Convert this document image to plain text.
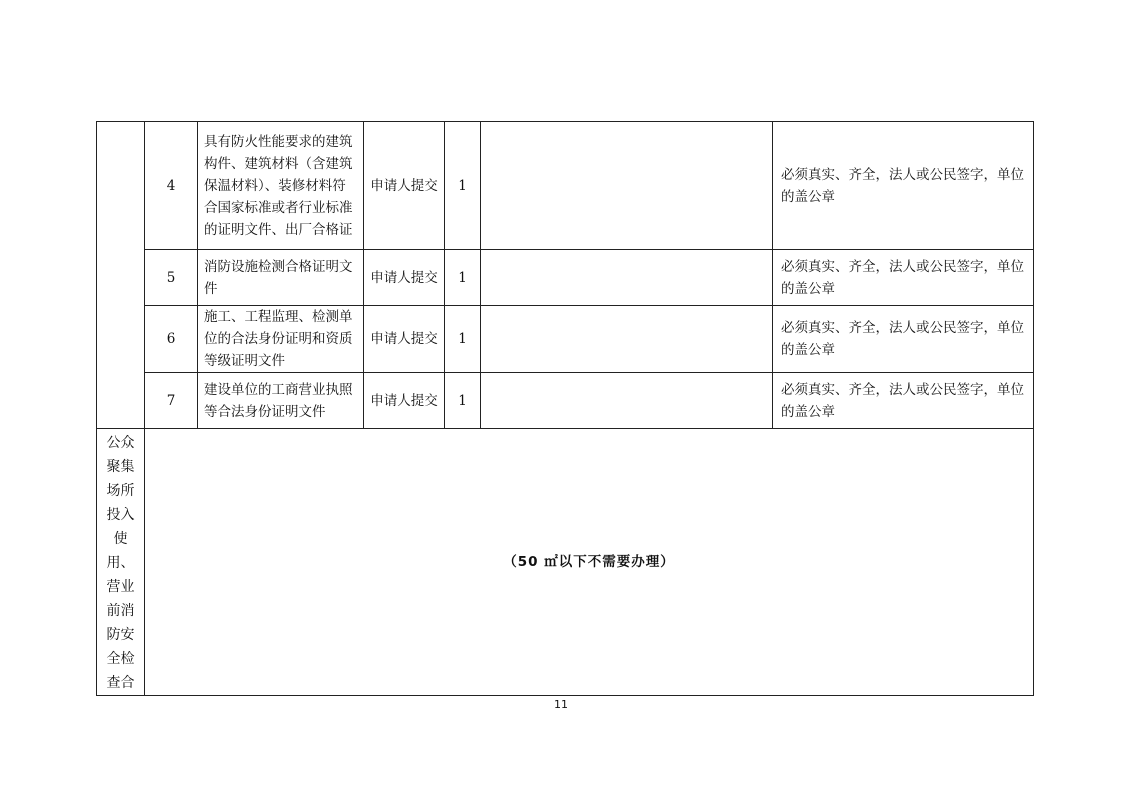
	4	具有防火性能要求的建筑构件、建筑材料（含建筑保温材料）、装修材料符合国家标准或者行业标准的证明文件、出厂合格证	申请人提交	1		必须真实、齐全，法人或公民签字，单位的盖公章
	5	消防设施检测合格证明文件	申请人提交	1		必须真实、齐全，法人或公民签字，单位的盖公章
	6	施工、工程监理、检测单位的合法身份证明和资质等级证明文件	申请人提交	1		必须真实、齐全，法人或公民签字，单位的盖公章
	7	建设单位的工商营业执照等合法身份证明文件	申请人提交	1		必须真实、齐全，法人或公民签字，单位的盖公章

公众聚集场所投入使用、营业前消防安全检查合	（50 ㎡以下不需要办理）					
11
